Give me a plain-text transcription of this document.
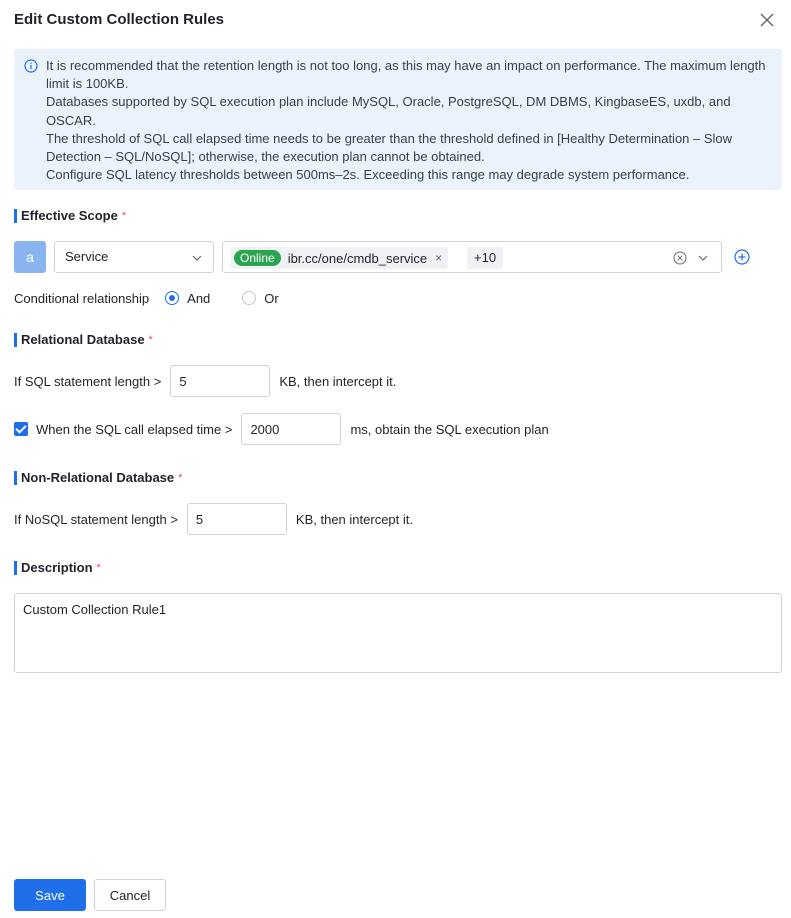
Edit Custom Collection Rules

It is recommended that the retention length is not too long, as this may have an impact on performance. The maximum length limit is 100KB.

Databases supported by SQL execution plan include MySQL, Oracle, PostgreSQL, DM DBMS, KingbaseES, uxdb, and OSCAR.

The threshold of SQL call elapsed time needs to be greater than the threshold defined in [Healthy Determination – Slow Detection – SQL/NoSQL]; otherwise, the execution plan cannot be obtained.

Configure SQL latency thresholds between 500ms–2s. Exceeding this range may degrade system performance.

Effective Scope *
a	Service	Online	ibr.cc/one/cmdb_service ×	+10
Conditional relationship	And	Or
Relational Database *
If SQL statement length >
5	KB, then intercept it.
When the SQL call elapsed time >
2000	ms, obtain the SQL execution plan
Non-Relational Database *
If NoSQL statement length >
5	KB, then intercept it.
Description *
Custom Collection Rule1
Save	Cancel
